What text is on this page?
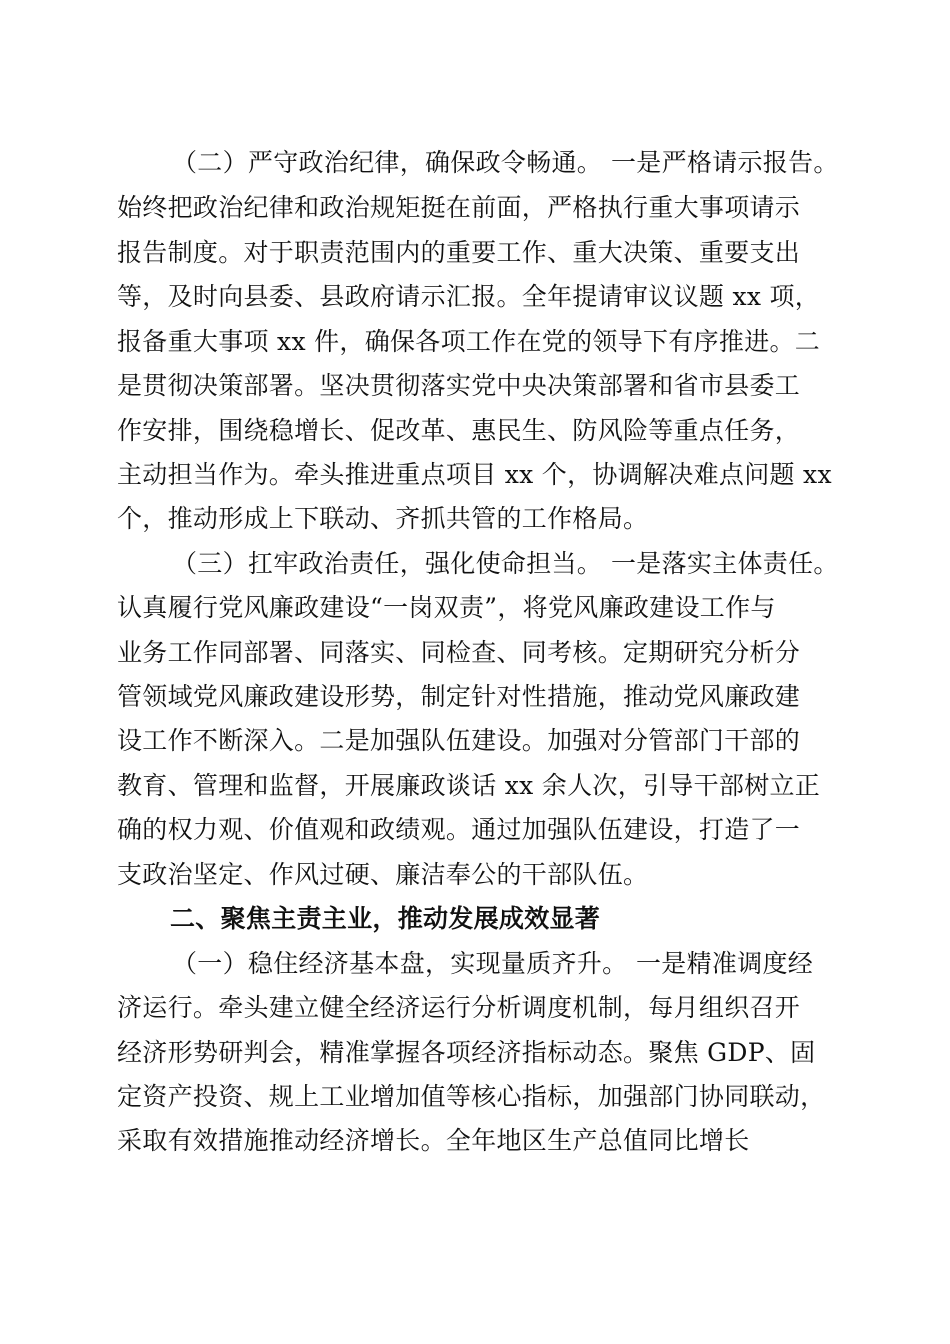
（二）严守政治纪律，确保政令畅通。 一是严格请示报告。
始终把政治纪律和政治规矩挺在前面，严格执行重大事项请示
报告制度。对于职责范围内的重要工作、重大决策、重要支出
等，及时向县委、县政府请示汇报。全年提请审议议题 xx 项，
报备重大事项 xx 件，确保各项工作在党的领导下有序推进。二
是贯彻决策部署。坚决贯彻落实党中央决策部署和省市县委工
作安排，围绕稳增长、促改革、惠民生、防风险等重点任务，
主动担当作为。牵头推进重点项目 xx 个，协调解决难点问题 xx
个，推动形成上下联动、齐抓共管的工作格局。
（三）扛牢政治责任，强化使命担当。 一是落实主体责任。
认真履行党风廉政建设“一岗双责”，将党风廉政建设工作与
业务工作同部署、同落实、同检查、同考核。定期研究分析分
管领域党风廉政建设形势，制定针对性措施，推动党风廉政建
设工作不断深入。二是加强队伍建设。加强对分管部门干部的
教育、管理和监督，开展廉政谈话 xx 余人次，引导干部树立正
确的权力观、价值观和政绩观。通过加强队伍建设，打造了一
支政治坚定、作风过硬、廉洁奉公的干部队伍。
二、聚焦主责主业，推动发展成效显著
（一）稳住经济基本盘，实现量质齐升。 一是精准调度经
济运行。牵头建立健全经济运行分析调度机制，每月组织召开
经济形势研判会，精准掌握各项经济指标动态。聚焦 GDP、固
定资产投资、规上工业增加值等核心指标，加强部门协同联动，
采取有效措施推动经济增长。全年地区生产总值同比增长
